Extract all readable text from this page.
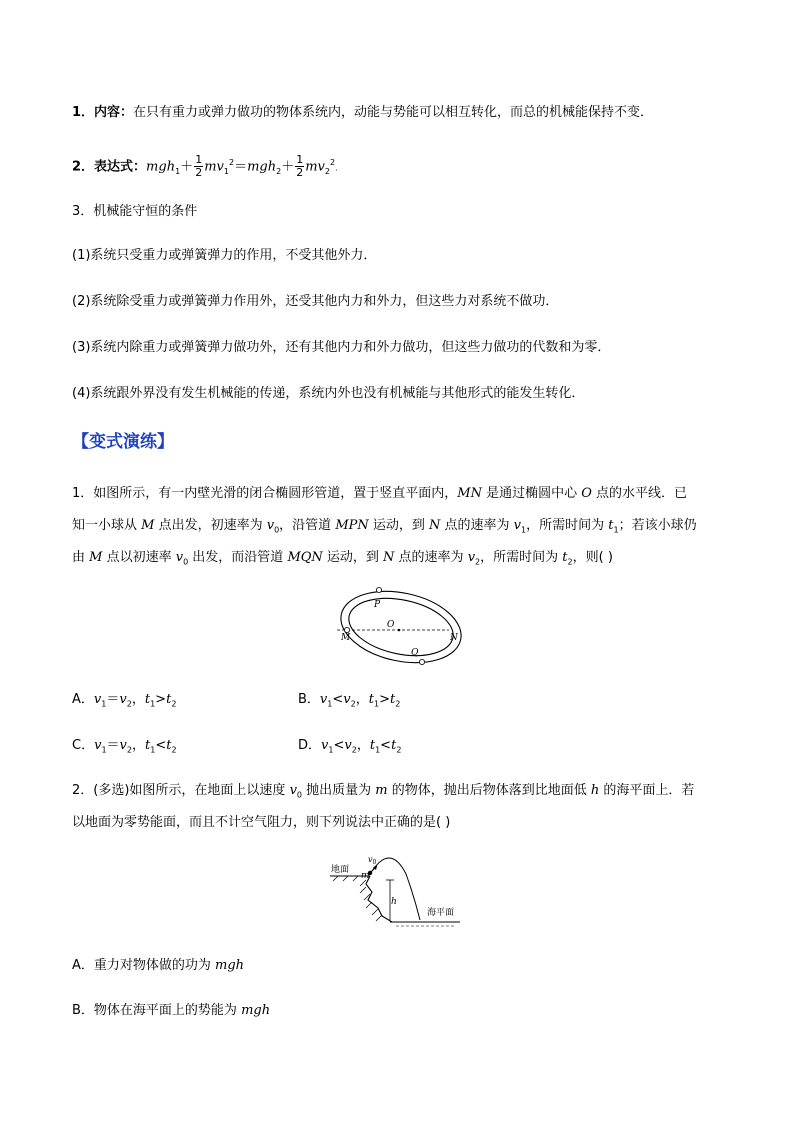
1．内容：在只有重力或弹力做功的物体系统内，动能与势能可以相互转化，而总的机械能保持不变．
2．表达式：$mgh_1+ \frac{1}{2} mv_1^2=mgh_2+ \frac{1}{2} mv_2^2$.
3．机械能守恒的条件
(1)系统只受重力或弹簧弹力的作用，不受其他外力．
(2)系统除受重力或弹簧弹力作用外，还受其他内力和外力，但这些力对系统不做功．
(3)系统内除重力或弹簧弹力做功外，还有其他内力和外力做功，但这些力做功的代数和为零．
(4)系统跟外界没有发生机械能的传递，系统内外也没有机械能与其他形式的能发生转化．
【变式演练】
1．如图所示，有一内壁光滑的闭合椭圆形管道，置于竖直平面内，MN 是通过椭圆中心 O 点的水平线．已
知一小球从 M 点出发，初速率为 $v_0$，沿管道 MPN 运动，到 N 点的速率为 $v_1$，所需时间为 $t_1$；若该小球仍
由 M 点以初速率 $v_0$ 出发，而沿管道 MQN 运动，到 N 点的速率为 $v_2$，所需时间为 $t_2$，则( )
P
O
M	N
Q
A．$v_1=v_2$，$t_1>t_2$	B．$v_1<v_2$，$t_1>t_2$
C．$v_1=v_2$，$t_1<t_2$	D．$v_1<v_2$，$t_1<t_2$
2．(多选)如图所示，在地面上以速度 $v_0$ 抛出质量为 m 的物体，抛出后物体落到比地面低 h 的海平面上．若
以地面为零势能面，而且不计空气阻力，则下列说法中正确的是( )
地面
m
$v_0$
h
海平面
A．重力对物体做的功为 mgh
B．物体在海平面上的势能为 mgh
